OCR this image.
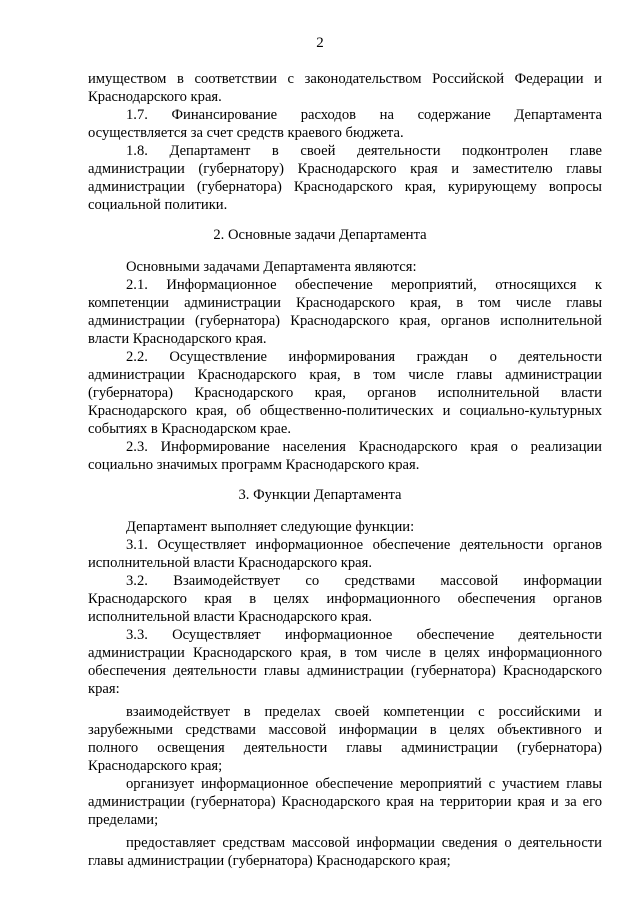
2
имуществом в соответствии с законодательством Российской Федерации и
Краснодарского края.
1.7. Финансирование расходов на содержание Департамента
осуществляется за счет средств краевого бюджета.
1.8. Департамент в своей деятельности подконтролен главе
администрации (губернатору) Краснодарского края и заместителю главы
администрации (губернатора) Краснодарского края, курирующему вопросы
социальной политики.
2. Основные задачи Департамента
Основными задачами Департамента являются:
2.1. Информационное обеспечение мероприятий, относящихся к
компетенции администрации Краснодарского края, в том числе главы
администрации (губернатора) Краснодарского края, органов исполнительной
власти Краснодарского края.
2.2. Осуществление информирования граждан о деятельности
администрации Краснодарского края, в том числе главы администрации
(губернатора) Краснодарского края, органов исполнительной власти
Краснодарского края, об общественно-политических и социально-культурных
событиях в Краснодарском крае.
2.3. Информирование населения Краснодарского края о реализации
социально значимых программ Краснодарского края.
3. Функции Департамента
Департамент выполняет следующие функции:
3.1. Осуществляет информационное обеспечение деятельности органов
исполнительной власти Краснодарского края.
3.2. Взаимодействует со средствами массовой информации
Краснодарского края в целях информационного обеспечения органов
исполнительной власти Краснодарского края.
3.3. Осуществляет информационное обеспечение деятельности
администрации Краснодарского края, в том числе в целях информационного
обеспечения деятельности главы администрации (губернатора) Краснодарского
края:
взаимодействует в пределах своей компетенции с российскими и
зарубежными средствами массовой информации в целях объективного и
полного освещения деятельности главы администрации (губернатора)
Краснодарского края;
организует информационное обеспечение мероприятий с участием главы
администрации (губернатора) Краснодарского края на территории края и за его
пределами;
предоставляет средствам массовой информации сведения о деятельности
главы администрации (губернатора) Краснодарского края;
